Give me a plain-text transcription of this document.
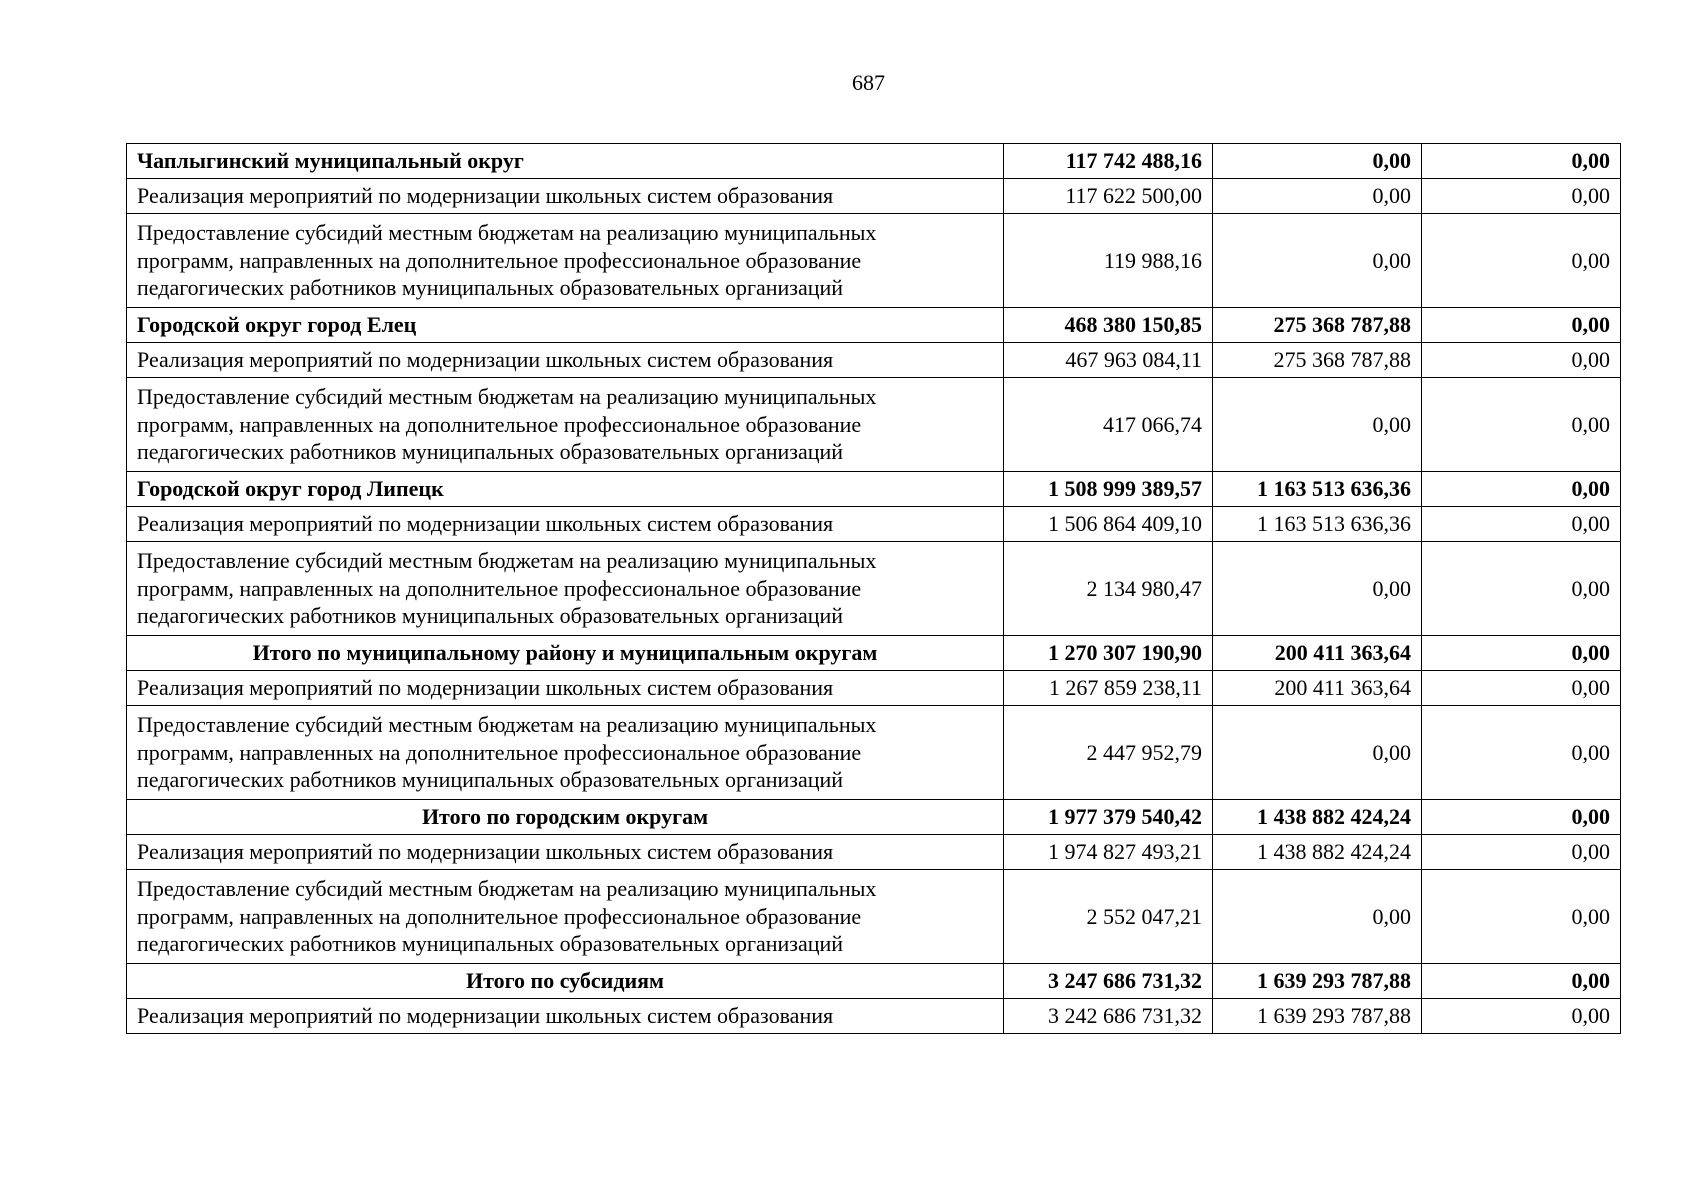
687
Чаплыгинский муниципальный округ	117 742 488,16	0,00	0,00
Реализация мероприятий по модернизации школьных систем образования	117 622 500,00	0,00	0,00

Предоставление субсидий местным бюджетам на реализацию муниципальных
программ, направленных на дополнительное профессиональное образование
педагогических работников муниципальных образовательных организаций	119 988,16	0,00	0,00
Городской округ город Елец	468 380 150,85	275 368 787,88	0,00
Реализация мероприятий по модернизации школьных систем образования	467 963 084,11	275 368 787,88	0,00

Предоставление субсидий местным бюджетам на реализацию муниципальных
программ, направленных на дополнительное профессиональное образование
педагогических работников муниципальных образовательных организаций	417 066,74	0,00	0,00
Городской округ город Липецк	1 508 999 389,57	1 163 513 636,36	0,00
Реализация мероприятий по модернизации школьных систем образования	1 506 864 409,10	1 163 513 636,36	0,00

Предоставление субсидий местным бюджетам на реализацию муниципальных
программ, направленных на дополнительное профессиональное образование
педагогических работников муниципальных образовательных организаций	2 134 980,47	0,00	0,00
Итого по муниципальному району и муниципальным округам	1 270 307 190,90	200 411 363,64	0,00
Реализация мероприятий по модернизации школьных систем образования	1 267 859 238,11	200 411 363,64	0,00

Предоставление субсидий местным бюджетам на реализацию муниципальных
программ, направленных на дополнительное профессиональное образование
педагогических работников муниципальных образовательных организаций	2 447 952,79	0,00	0,00
Итого по городским округам	1 977 379 540,42	1 438 882 424,24	0,00
Реализация мероприятий по модернизации школьных систем образования	1 974 827 493,21	1 438 882 424,24	0,00

Предоставление субсидий местным бюджетам на реализацию муниципальных
программ, направленных на дополнительное профессиональное образование
педагогических работников муниципальных образовательных организаций	2 552 047,21	0,00	0,00
Итого по субсидиям	3 247 686 731,32	1 639 293 787,88	0,00
Реализация мероприятий по модернизации школьных систем образования	3 242 686 731,32	1 639 293 787,88	0,00
